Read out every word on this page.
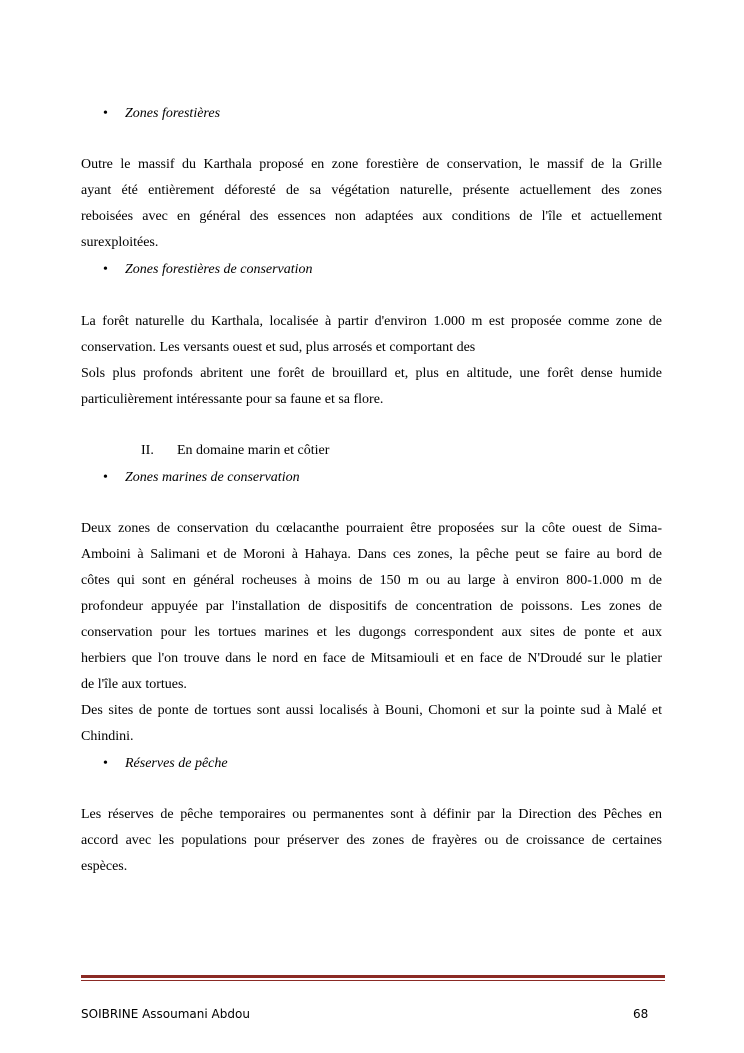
• Zones forestières
Outre le massif du Karthala proposé en zone forestière de conservation, le massif de la Grille
ayant été entièrement déforesté de sa végétation naturelle, présente actuellement des zones
reboisées avec en général des essences non adaptées aux conditions de l'île et actuellement
surexploitées.
• Zones forestières de conservation
La forêt naturelle du Karthala, localisée à partir d'environ 1.000 m est proposée comme zone de
conservation. Les versants ouest et sud, plus arrosés et comportant des
Sols plus profonds abritent une forêt de brouillard et, plus en altitude, une forêt dense humide
particulièrement intéressante pour sa faune et sa flore.
II. En domaine marin et côtier
• Zones marines de conservation
Deux zones de conservation du cœlacanthe pourraient être proposées sur la côte ouest de Sima-
Amboini à Salimani et de Moroni à Hahaya. Dans ces zones, la pêche peut se faire au bord de
côtes qui sont en général rocheuses à moins de 150 m ou au large à environ 800-1.000 m de
profondeur appuyée par l'installation de dispositifs de concentration de poissons. Les zones de
conservation pour les tortues marines et les dugongs correspondent aux sites de ponte et aux
herbiers que l'on trouve dans le nord en face de Mitsamiouli et en face de N'Droudé sur le platier
de l'île aux tortues.
Des sites de ponte de tortues sont aussi localisés à Bouni, Chomoni et sur la pointe sud à Malé et
Chindini.
• Réserves de pêche
Les réserves de pêche temporaires ou permanentes sont à définir par la Direction des Pêches en
accord avec les populations pour préserver des zones de frayères ou de croissance de certaines
espèces.
SOIBRINE Assoumani Abdou	68
